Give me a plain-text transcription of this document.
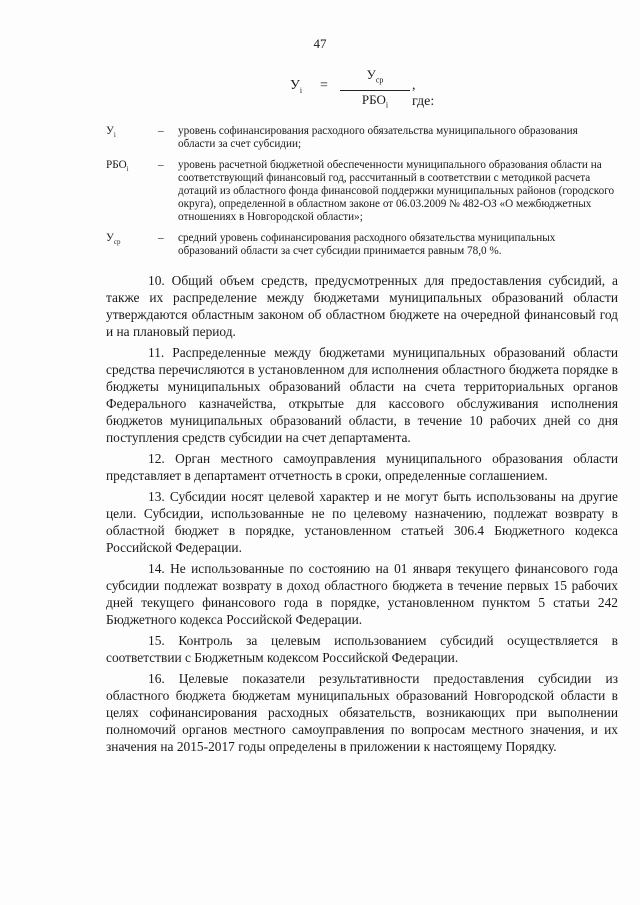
47
$У_i$ =
$У_{ср}$
$РБО_i$
, где:
$У_i$	– уровень софинансирования расходного обязательства муниципального образования области за счет субсидии;
$РБО_i$	– уровень расчетной бюджетной обеспеченности муниципального образования области на соответствующий финансовый год, рассчитанный в соответствии с методикой расчета дотаций из областного фонда финансовой поддержки муниципальных районов (городского округа), определенной в областном законе от 06.03.2009 № 482-ОЗ «О межбюджетных отношениях в Новгородской области»;
$У_{ср}$	– средний уровень софинансирования расходного обязательства муниципальных образований области за счет субсидии принимается равным 78,0 %.

10. Общий объем средств, предусмотренных для предоставления субсидий, а также их распределение между бюджетами муниципальных образований области утверждаются областным законом об областном бюджете на очередной финансовый год и на плановый период.

11. Распределенные между бюджетами муниципальных образований области средства перечисляются в установленном для исполнения областного бюджета порядке в бюджеты муниципальных образований области на счета территориальных органов Федерального казначейства, открытые для кассового обслуживания исполнения бюджетов муниципальных образований области, в течение 10 рабочих дней со дня поступления средств субсидии на счет департамента.

12. Орган местного самоуправления муниципального образования области представляет в департамент отчетность в сроки, определенные соглашением.

13. Субсидии носят целевой характер и не могут быть использованы на другие цели. Субсидии, использованные не по целевому назначению, подлежат возврату в областной бюджет в порядке, установленном статьей 306.4 Бюджетного кодекса Российской Федерации.

14. Не использованные по состоянию на 01 января текущего финансового года субсидии подлежат возврату в доход областного бюджета в течение первых 15 рабочих дней текущего финансового года в порядке, установленном пунктом 5 статьи 242 Бюджетного кодекса Российской Федерации.

15. Контроль за целевым использованием субсидий осуществляется в соответствии с Бюджетным кодексом Российской Федерации.

16. Целевые показатели результативности предоставления субсидии из областного бюджета бюджетам муниципальных образований Новгородской области в целях софинансирования расходных обязательств, возникающих при выполнении полномочий органов местного самоуправления по вопросам местного значения, и их значения на 2015-2017 годы определены в приложении к настоящему Порядку.
